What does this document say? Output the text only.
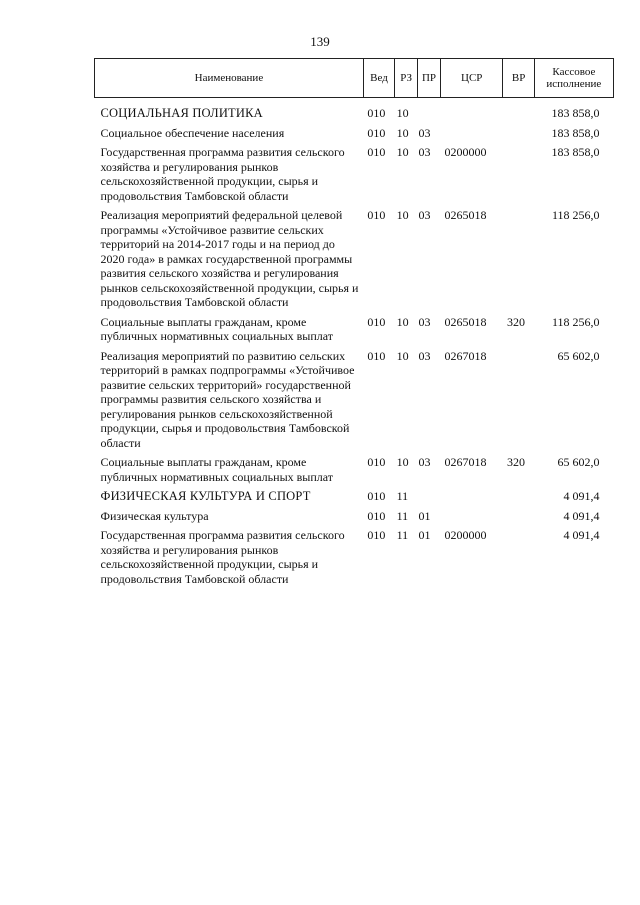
139
Наименование	Вед	РЗ	ПР	ЦСР	ВР	Кассовое исполнение
СОЦИАЛЬНАЯ ПОЛИТИКА	010	10				183 858,0
Социальное обеспечение населения	010	10	03			183 858,0
Государственная программа развития сельского хозяйства и регулирования рынков сельскохозяйственной продукции, сырья и продовольствия Тамбовской области	010	10	03	0200000		183 858,0
Реализация мероприятий федеральной целевой программы «Устойчивое развитие сельских территорий на 2014-2017 годы и на период до 2020 года» в рамках государственной программы развития сельского хозяйства и регулирования рынков сельскохозяйственной продукции, сырья и продовольствия Тамбовской области	010	10	03	0265018		118 256,0
Социальные выплаты гражданам, кроме публичных нормативных социальных выплат	010	10	03	0265018	320	118 256,0
Реализация мероприятий по развитию сельских территорий в рамках подпрограммы «Устойчивое развитие сельских территорий» государственной программы развития сельского хозяйства и регулирования рынков сельскохозяйственной продукции, сырья и продовольствия Тамбовской области	010	10	03	0267018		65 602,0
Социальные выплаты гражданам, кроме публичных нормативных социальных выплат	010	10	03	0267018	320	65 602,0
ФИЗИЧЕСКАЯ КУЛЬТУРА И СПОРТ	010	11				4 091,4
Физическая культура	010	11	01			4 091,4
Государственная программа развития сельского хозяйства и регулирования рынков сельскохозяйственной продукции, сырья и продовольствия Тамбовской области	010	11	01	0200000		4 091,4
